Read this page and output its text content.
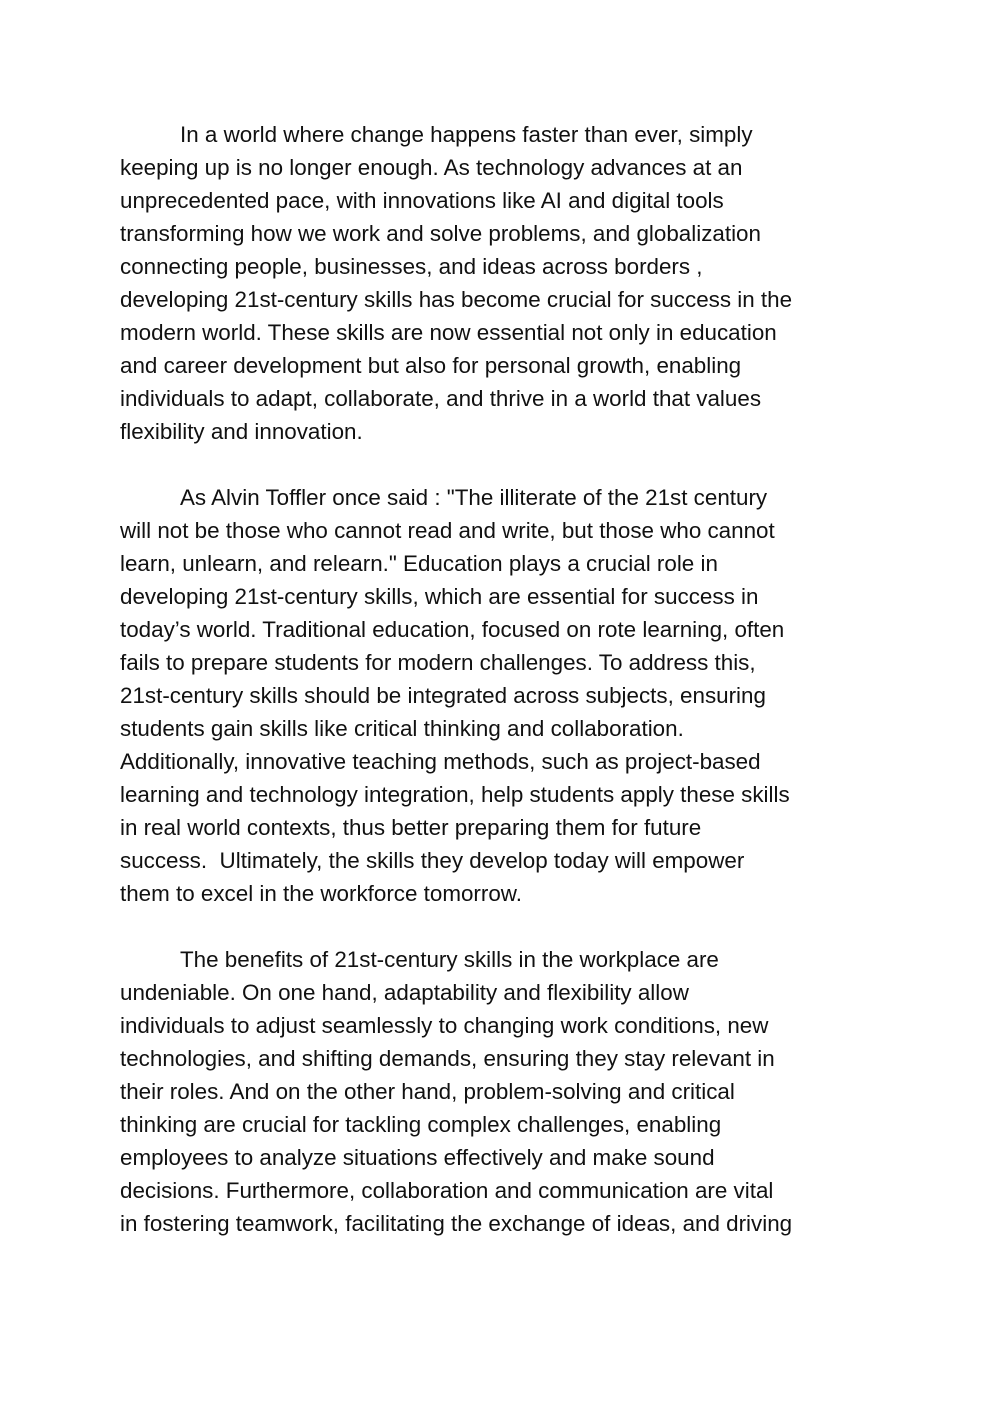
In a world where change happens faster than ever, simply
keeping up is no longer enough. As technology advances at an
unprecedented pace, with innovations like AI and digital tools
transforming how we work and solve problems, and globalization
connecting people, businesses, and ideas across borders ,
developing 21st-century skills has become crucial for success in the
modern world. These skills are now essential not only in education
and career development but also for personal growth, enabling
individuals to adapt, collaborate, and thrive in a world that values
flexibility and innovation.
As Alvin Toffler once said : "The illiterate of the 21st century
will not be those who cannot read and write, but those who cannot
learn, unlearn, and relearn." Education plays a crucial role in
developing 21st-century skills, which are essential for success in
today’s world. Traditional education, focused on rote learning, often
fails to prepare students for modern challenges. To address this,
21st-century skills should be integrated across subjects, ensuring
students gain skills like critical thinking and collaboration.
Additionally, innovative teaching methods, such as project-based
learning and technology integration, help students apply these skills
in real world contexts, thus better preparing them for future
success.  Ultimately, the skills they develop today will empower
them to excel in the workforce tomorrow.
The benefits of 21st-century skills in the workplace are
undeniable. On one hand, adaptability and flexibility allow
individuals to adjust seamlessly to changing work conditions, new
technologies, and shifting demands, ensuring they stay relevant in
their roles. And on the other hand, problem-solving and critical
thinking are crucial for tackling complex challenges, enabling
employees to analyze situations effectively and make sound
decisions. Furthermore, collaboration and communication are vital
in fostering teamwork, facilitating the exchange of ideas, and driving
